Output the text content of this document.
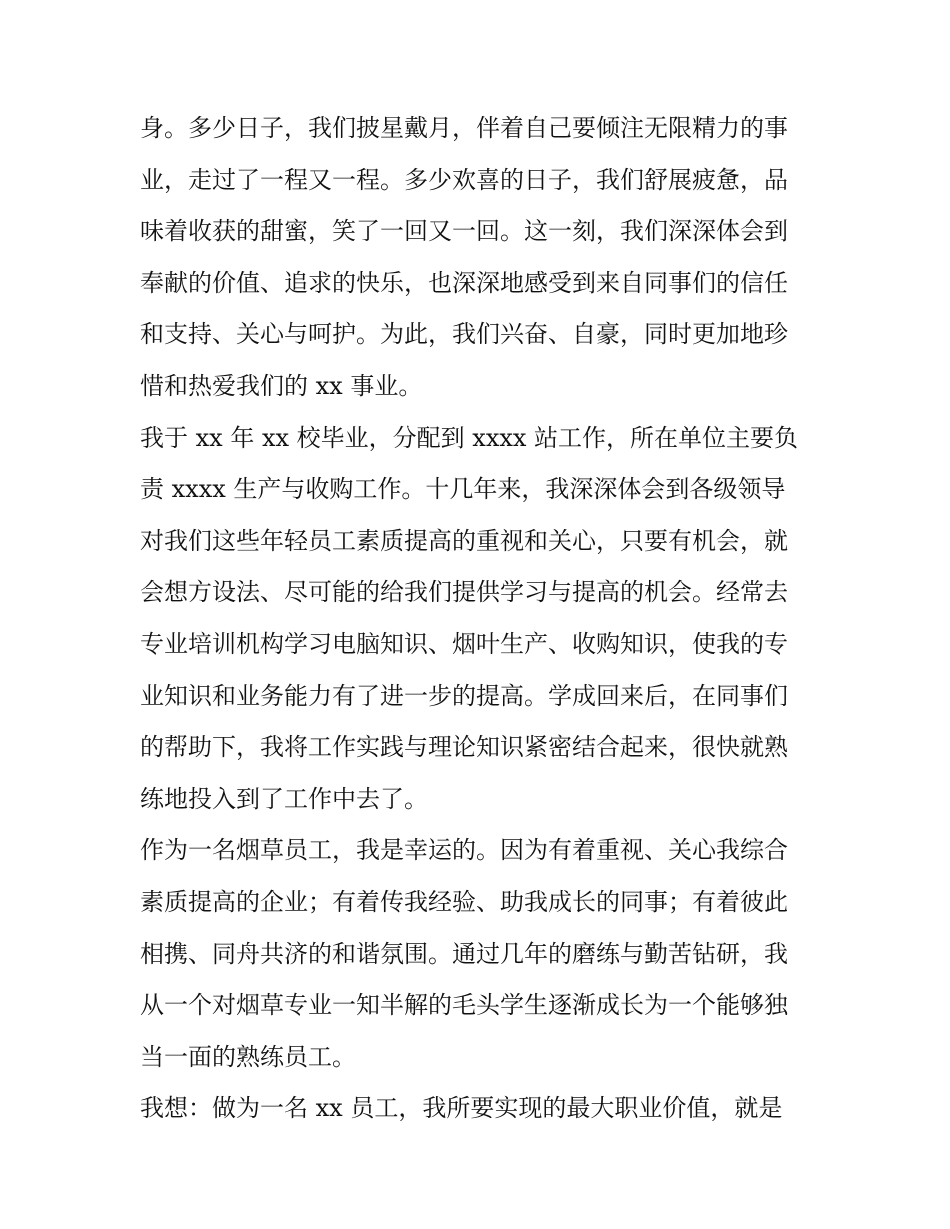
身。多少日子，我们披星戴月，伴着自己要倾注无限精力的事
业，走过了一程又一程。多少欢喜的日子，我们舒展疲惫，品
味着收获的甜蜜，笑了一回又一回。这一刻，我们深深体会到
奉献的价值、追求的快乐，也深深地感受到来自同事们的信任
和支持、关心与呵护。为此，我们兴奋、自豪，同时更加地珍
惜和热爱我们的 xx 事业。
我于 xx 年 xx 校毕业，分配到 xxxx 站工作，所在单位主要负
责 xxxx 生产与收购工作。十几年来，我深深体会到各级领导
对我们这些年轻员工素质提高的重视和关心，只要有机会，就
会想方设法、尽可能的给我们提供学习与提高的机会。经常去
专业培训机构学习电脑知识、烟叶生产、收购知识，使我的专
业知识和业务能力有了进一步的提高。学成回来后，在同事们
的帮助下，我将工作实践与理论知识紧密结合起来，很快就熟
练地投入到了工作中去了。
作为一名烟草员工，我是幸运的。因为有着重视、关心我综合
素质提高的企业；有着传我经验、助我成长的同事；有着彼此
相携、同舟共济的和谐氛围。通过几年的磨练与勤苦钻研，我
从一个对烟草专业一知半解的毛头学生逐渐成长为一个能够独
当一面的熟练员工。
我想：做为一名 xx 员工，我所要实现的最大职业价值，就是
